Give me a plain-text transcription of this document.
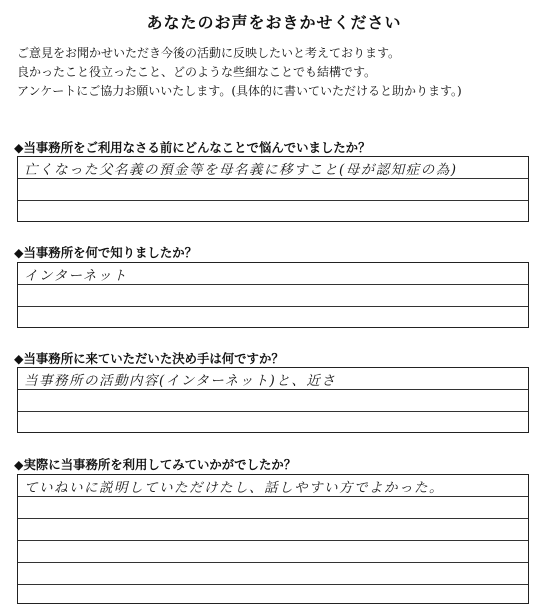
あなたのお声をおきかせください
ご意見をお聞かせいただき今後の活動に反映したいと考えております。
良かったこと役立ったこと、どのような些細なことでも結構です。
アンケートにご協力お願いいたします。(具体的に書いていただけると助かります。)
◆当事務所をご利用なさる前にどんなことで悩んでいましたか？
亡くなった父名義の預金等を母名義に移すこと(母が認知症の為)
◆当事務所を何で知りましたか？
インターネット
◆当事務所に来ていただいた決め手は何ですか？
当事務所の活動内容(インターネット)と、近さ
◆実際に当事務所を利用してみていかがでしたか？
ていねいに説明していただけたし、話しやすい方でよかった。
